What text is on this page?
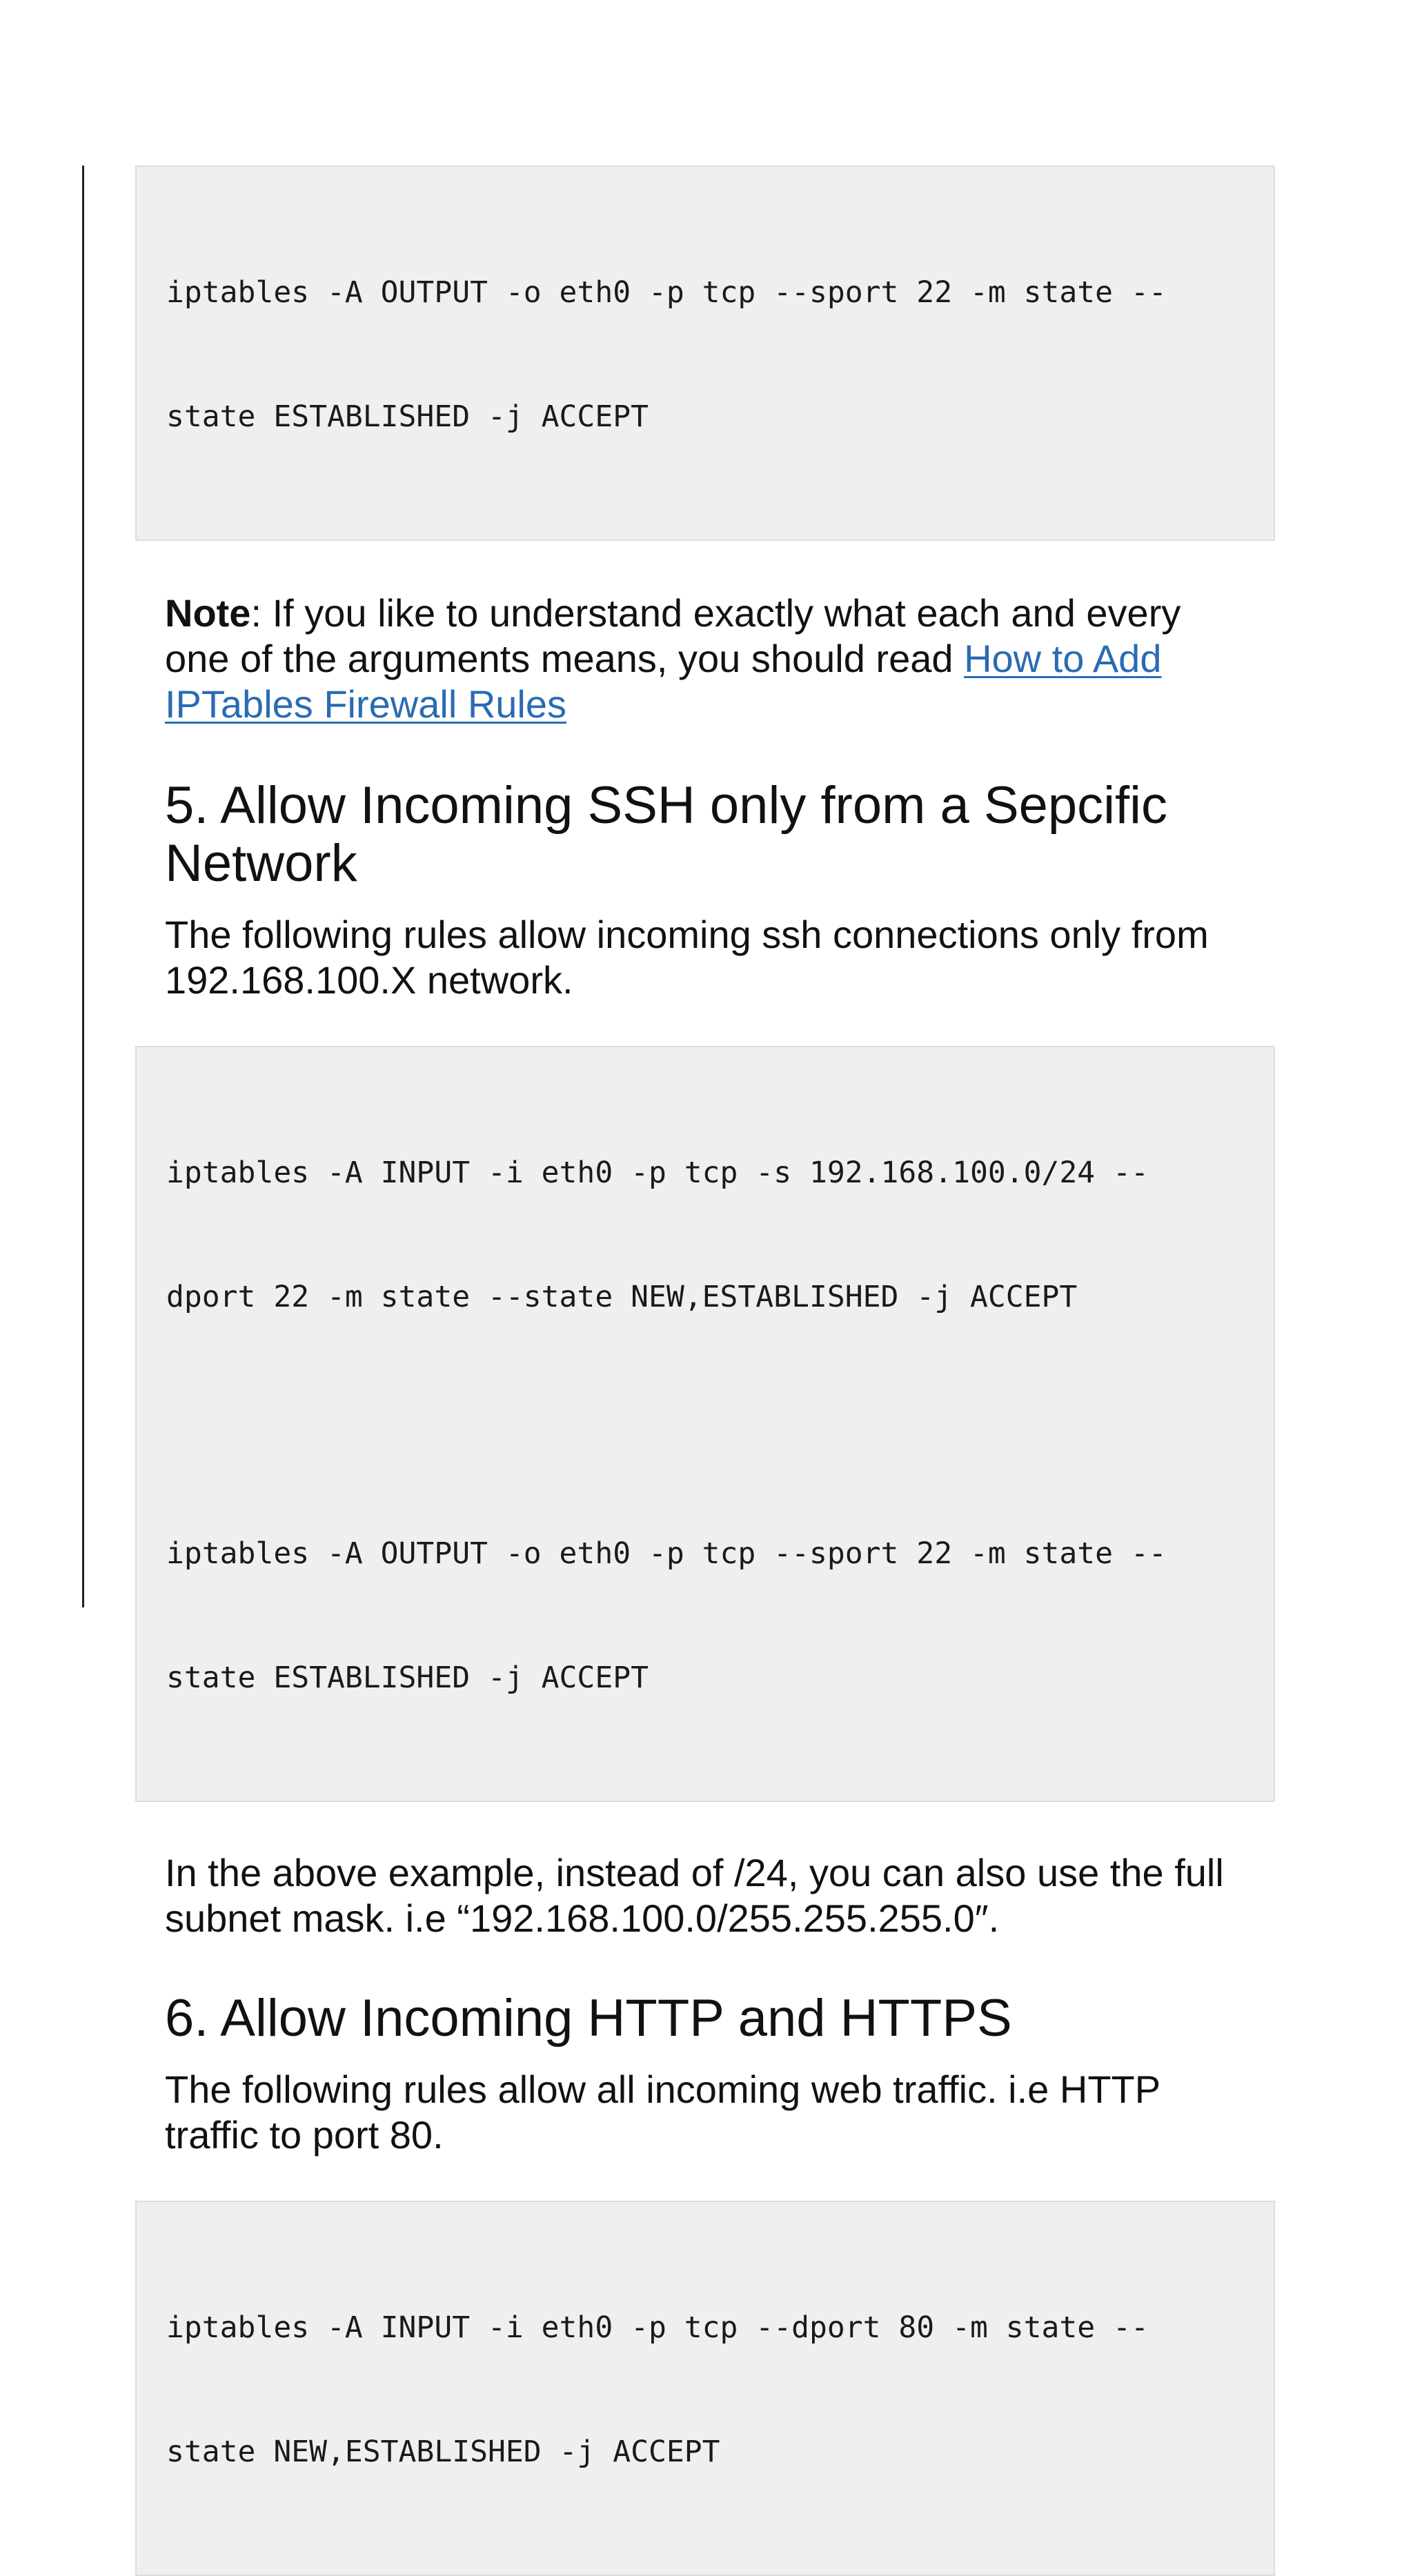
iptables -A OUTPUT -o eth0 -p tcp --sport 22 -m state --

state ESTABLISHED -j ACCEPT

Note: If you like to understand exactly what each and every one of the arguments means, you should read How to Add IPTables Firewall Rules

5. Allow Incoming SSH only from a Sepcific Network

The following rules allow incoming ssh connections only from 192.168.100.X network.

iptables -A INPUT -i eth0 -p tcp -s 192.168.100.0/24 --

dport 22 -m state --state NEW,ESTABLISHED -j ACCEPT

iptables -A OUTPUT -o eth0 -p tcp --sport 22 -m state --

state ESTABLISHED -j ACCEPT

In the above example, instead of /24, you can also use the full subnet mask. i.e “192.168.100.0/255.255.255.0″.

6. Allow Incoming HTTP and HTTPS

The following rules allow all incoming web traffic. i.e HTTP traffic to port 80.

iptables -A INPUT -i eth0 -p tcp --dport 80 -m state --

state NEW,ESTABLISHED -j ACCEPT
